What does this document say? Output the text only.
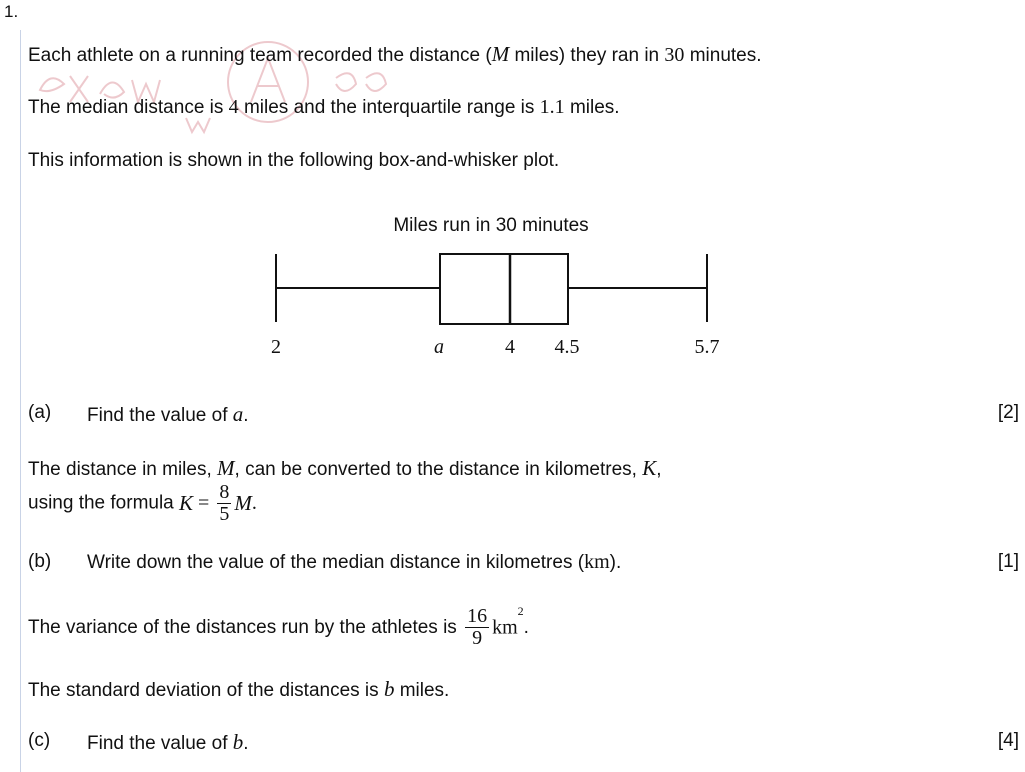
1.
Each athlete on a running team recorded the distance (M miles) they ran in 30 minutes.
The median distance is 4 miles and the interquartile range is 1.1 miles.
This information is shown in the following box-and-whisker plot.
Miles run in 30 minutes
2	a	4 4.5	5.7
(a) Find the value of a.	[2]
The distance in miles, M, can be converted to the distance in kilometres, K,
using the formula $K = \frac{8}{5} M$.
(b) Write down the value of the median distance in kilometres (km).	[1]
The variance of the distances run by the athletes is $\frac{16}{9} km^2$.
The standard deviation of the distances is b miles.
(c) Find the value of b.	[4]
